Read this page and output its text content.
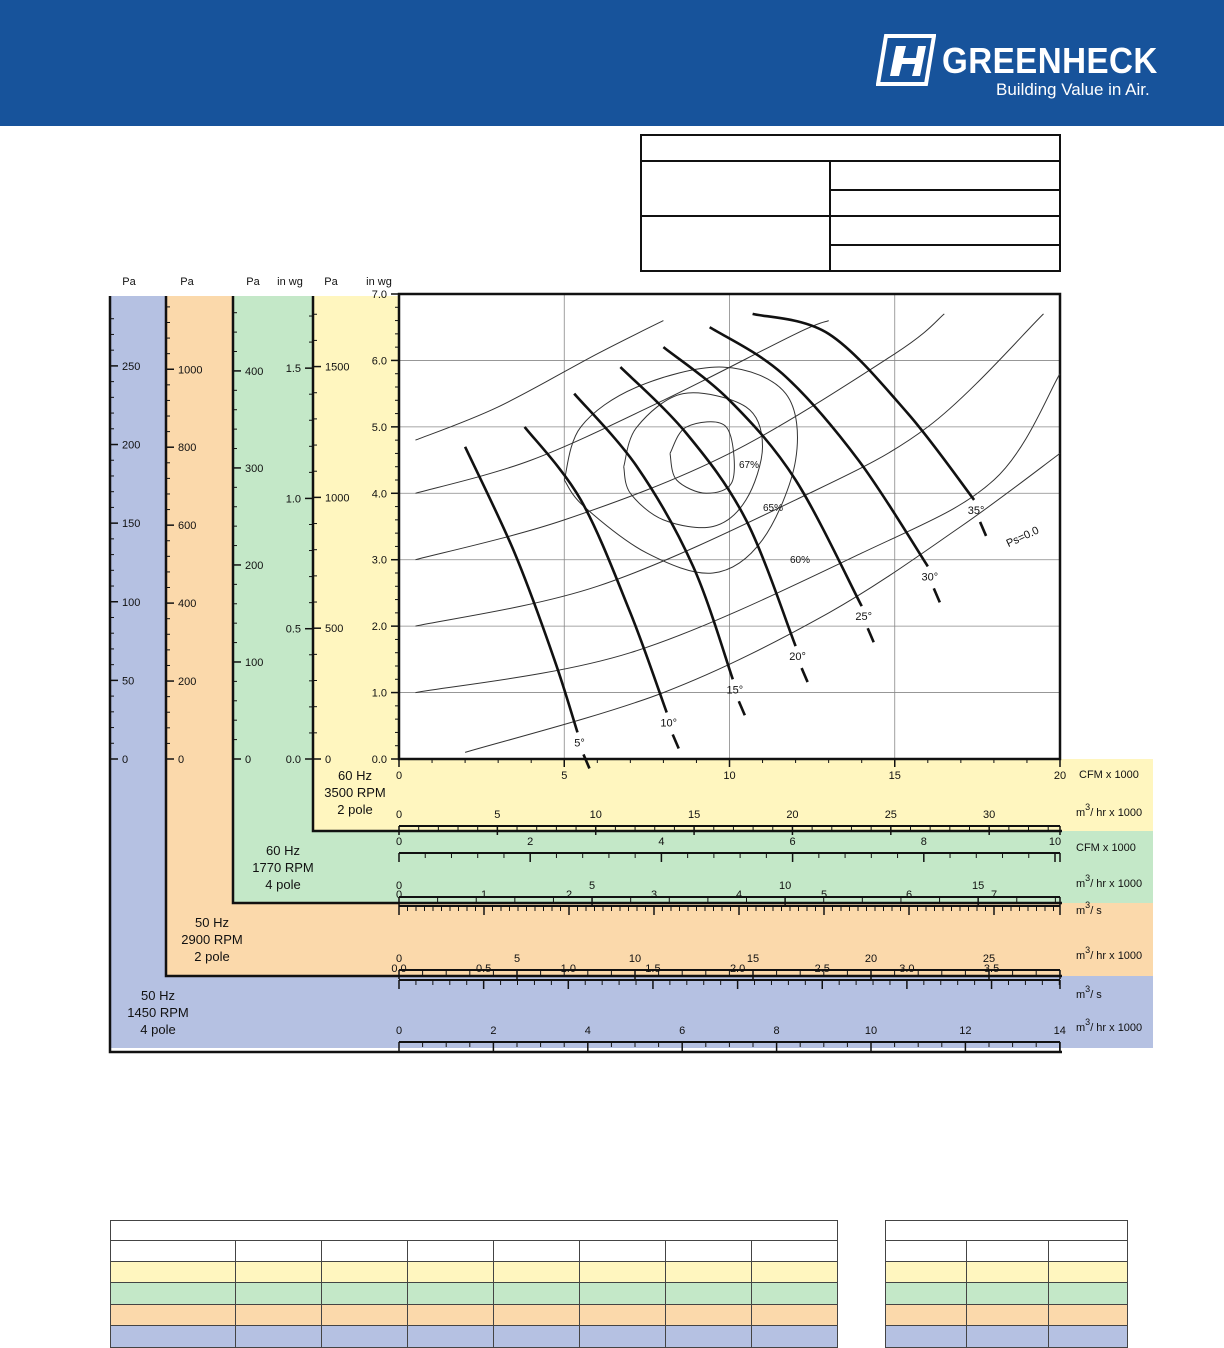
GREENHECK
Building Value in Air.

0.0
1.0
2.0
3.0
4.0
5.0
6.0
7.0
0	5	10	15	20 CFM x 1000
in wg
0
50
100
150
200
250
0
200
400
600
800
1000
0
100
200
300
400
0.0
0.5
1.0
1.5
0
500
1000
1500
Pa	Pa	Pa in wg Pa
0	5	10	15	20	25	30	$m^3/$ hr x 1000
0	2	4	6	8	10 CFM x 1000
0	5	10	15	$m^3/$ hr x 1000
0	1	2	3	4	5	6	7
$m^3/$ s
0	5	10	15	20	25	$m^3/$ hr x 1000
0.0	0.5	1.0	1.5	2.0	2.5	3.0	3.5
$m^3/$ s
0	2	4	6	8	10	12	14 $m^3/$ hr x 1000
60 Hz
3500 RPM
2 pole
60 Hz
1770 RPM
4 pole
50 Hz
2900 RPM
2 pole
50 Hz
1450 RPM
4 pole
5°
10°
15°
20°
25°
30°
35°
Ps=0.0
60%
65%
67%
